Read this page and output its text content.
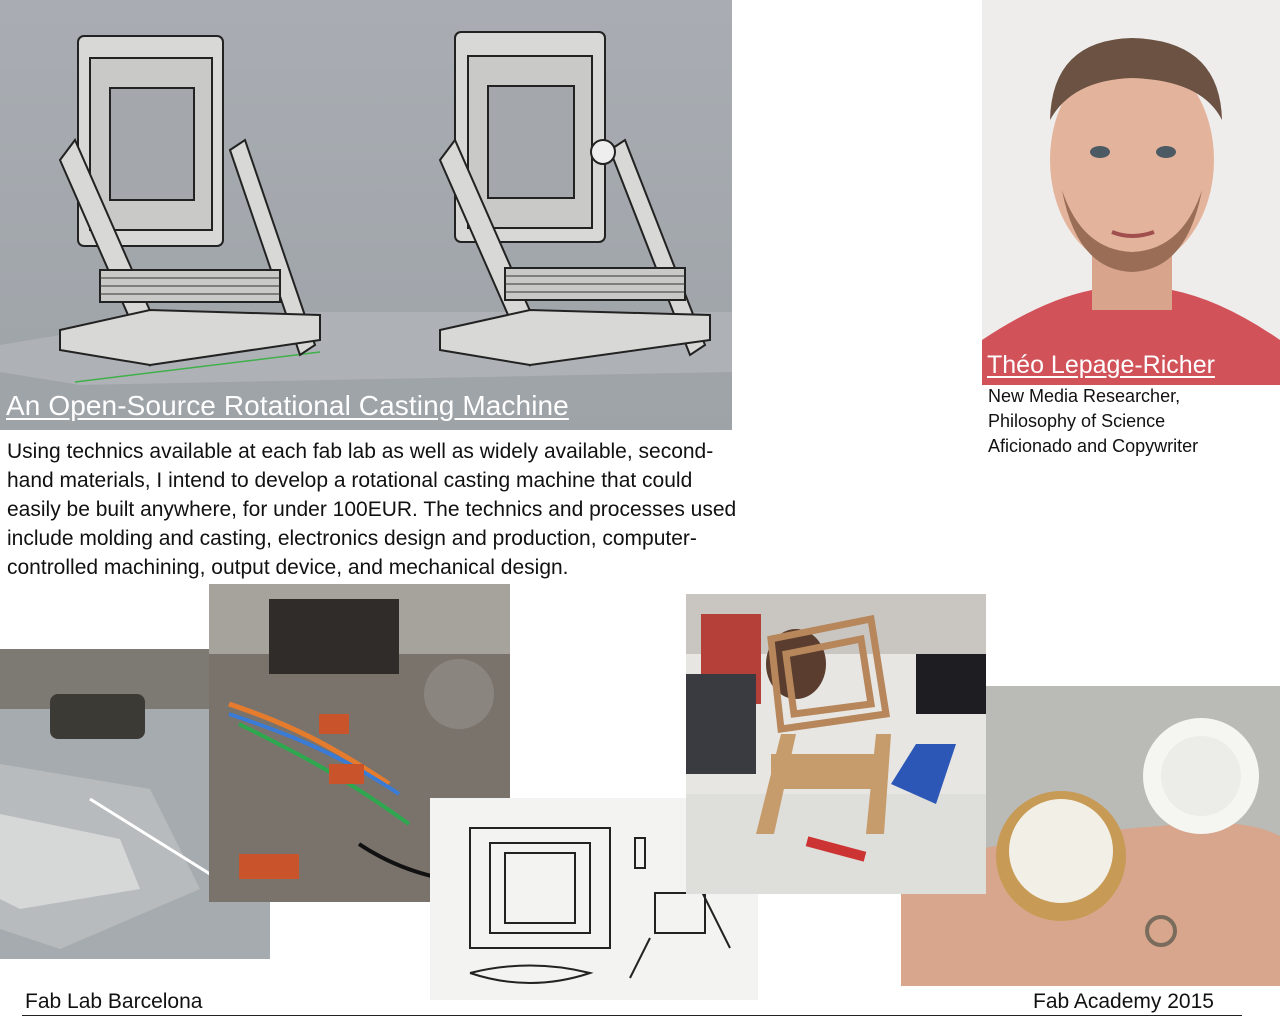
An Open-Source Rotational Casting Machine
Using technics available at each fab lab as well as widely available, second-hand materials, I intend to develop a rotational casting machine that could easily be built anywhere, for under 100EUR. The technics and processes used include molding and casting, electronics design and production, computer-controlled machining, output device, and mechanical design.
Théo Lepage-Richer
New Media Researcher,
Philosophy of Science
Aficionado and Copywriter
Fab Lab Barcelona	Fab Academy 2015
